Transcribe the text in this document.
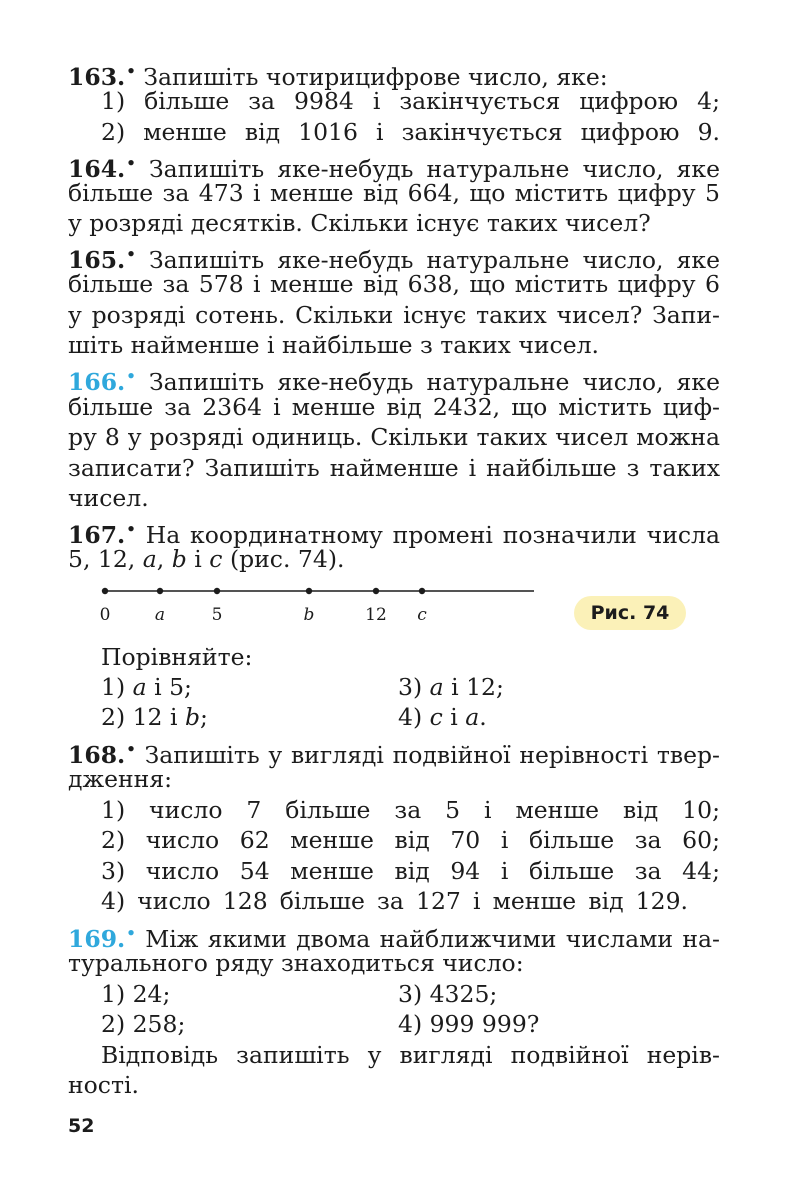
163.• Запишіть чотирицифрове число, яке:
1) більше за 9984 і закінчується цифрою 4;
2) менше від 1016 і закінчується цифрою 9.
164.• Запишіть яке-небудь натуральне число, яке
більше за 473 і менше від 664, що містить цифру 5
у розряді десятків. Скільки існує таких чисел?
165.• Запишіть яке-небудь натуральне число, яке
більше за 578 і менше від 638, що містить цифру 6
у розряді сотень. Скільки існує таких чисел? Запи-
шіть найменше і найбільше з таких чисел.
166.• Запишіть яке-небудь натуральне число, яке
більше за 2364 і менше від 2432, що містить циф-
ру 8 у розряді одиниць. Скільки таких чисел можна
записати? Запишіть найменше і найбільше з таких
чисел.
167.• На координатному промені позначили числа
5, 12, a, b і c (рис. 74).
0	a	5	b	12 c	Рис. 74
Порівняйте:
1) a і 5;	3) a і 12;
2) 12 і b;	4) c і a.
168.• Запишіть у вигляді подвійної нерівності твер-
дження:
1) число 7 більше за 5 і менше від 10;
2) число 62 менше від 70 і більше за 60;
3) число 54 менше від 94 і більше за 44;
4) число 128 більше за 127 і менше від 129.
169.• Між якими двома найближчими числами на-
турального ряду знаходиться число:
1) 24;	3) 4325;
2) 258;	4) 999 999?
Відповідь запишіть у вигляді подвійної нерів-
ності.
52
